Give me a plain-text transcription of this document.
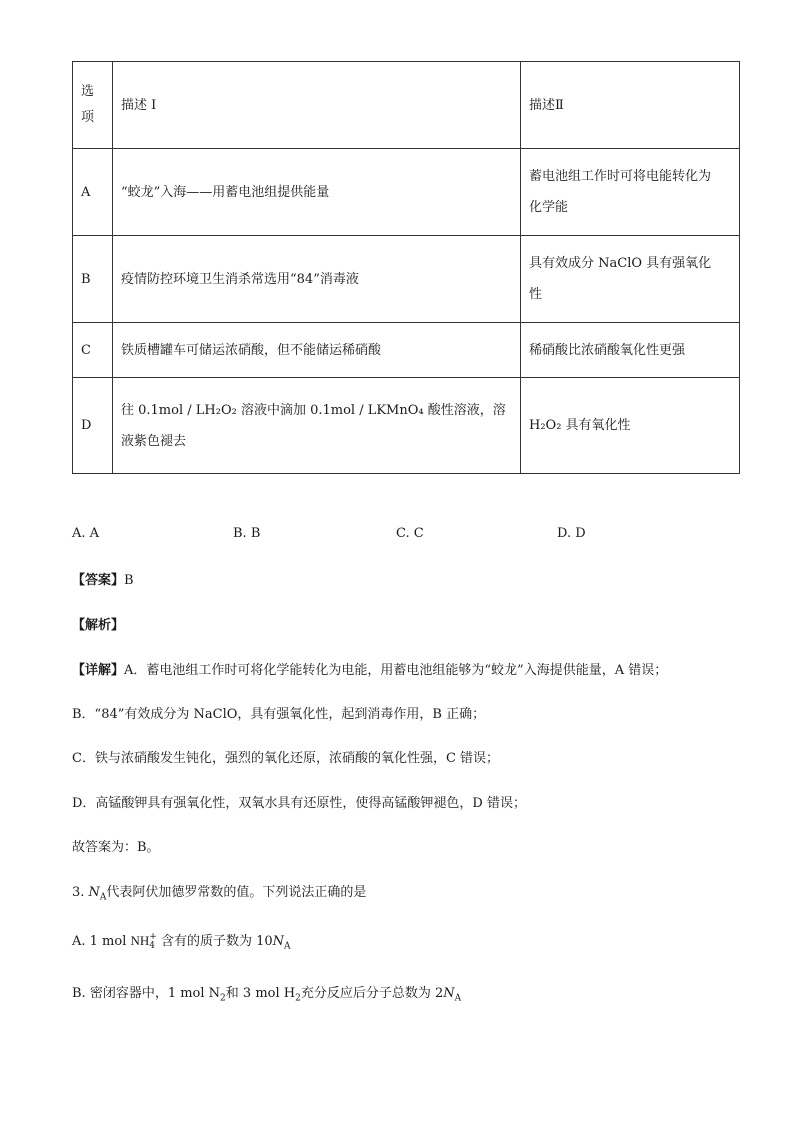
选
项	描述 I	描述Ⅱ
A	“蛟龙”入海——用蓄电池组提供能量	蓄电池组工作时可将电能转化为
化学能

B	疫情防控环境卫生消杀常选用“84”消毒液	具有效成分 NaClO 具有强氧化
性

C	铁质槽罐车可储运浓硝酸，但不能储运稀硝酸	稀硝酸比浓硝酸氧化性更强
D	往 0.1mol / LH₂O₂ 溶液中滴加 0.1mol / LKMnO₄ 酸性溶液，溶
液紫色褪去	H₂O₂ 具有氧化性
A. A	B. B	C. C	D. D
【答案】B
【解析】
【详解】A．蓄电池组工作时可将化学能转化为电能，用蓄电池组能够为“蛟龙”入海提供能量，A 错误；
B．“84”有效成分为 NaClO，具有强氧化性，起到消毒作用，B 正确；
C．铁与浓硝酸发生钝化，强烈的氧化还原，浓硝酸的氧化性强，C 错误；
D．高锰酸钾具有强氧化性，双氧水具有还原性，使得高锰酸钾褪色，D 错误；
故答案为：B。
3. $N_A$代表阿伏加德罗常数的值。下列说法正确的是
A. 1 mol NH +
4 含有的质子数为 $10N_A$
B. 密闭容器中，1 mol $N_2$和 3 mol $H_2$充分反应后分子总数为 $2N_A$
